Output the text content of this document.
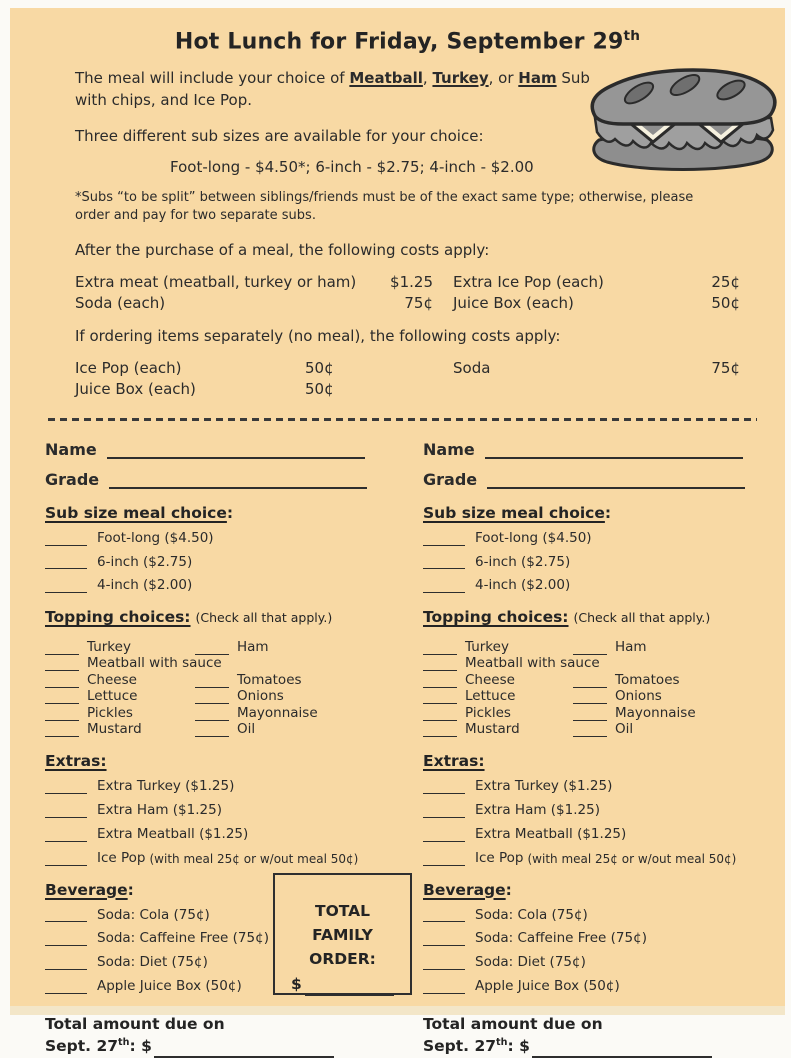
Hot Lunch for Friday, September 29th
The meal will include your choice of Meatball, Turkey, or Ham Sub
with chips, and Ice Pop.
Three different sub sizes are available for your choice:
Foot-long - $4.50*; 6-inch - $2.75; 4-inch - $2.00
*Subs “to be split” between siblings/friends must be of the exact same type; otherwise, please order and pay for two separate subs.
After the purchase of a meal, the following costs apply:
Extra meat (meatball, turkey or ham) $1.25 Extra Ice Pop (each)	25¢
Soda (each)	75¢ Juice Box (each)	50¢
If ordering items separately (no meal), the following costs apply:
Ice Pop (each)	50¢	Soda	75¢
Juice Box (each)	50¢
Name
Grade
Sub size meal choice:
Foot-long ($4.50)
6-inch ($2.75)
4-inch ($2.00)
Topping choices: (Check all that apply.)
Turkey	Ham
Meatball with sauce
Cheese	Tomatoes
Lettuce	Onions
Pickles	Mayonnaise
Mustard	Oil
Extras:
Extra Turkey ($1.25)
Extra Ham ($1.25)
Extra Meatball ($1.25)
Ice Pop (with meal 25¢ or w/out meal 50¢)
Beverage:
Soda: Cola (75¢)
Soda: Caffeine Free (75¢)
Soda: Diet (75¢)
Apple Juice Box (50¢)
Total amount due on
Sept. 27th: $
Name
Grade
Sub size meal choice:
Foot-long ($4.50)
6-inch ($2.75)
4-inch ($2.00)
Topping choices: (Check all that apply.)
Turkey	Ham
Meatball with sauce
Cheese	Tomatoes
Lettuce	Onions
Pickles	Mayonnaise
Mustard	Oil
Extras:
Extra Turkey ($1.25)
Extra Ham ($1.25)
Extra Meatball ($1.25)
Ice Pop (with meal 25¢ or w/out meal 50¢)
Beverage:
Soda: Cola (75¢)
Soda: Caffeine Free (75¢)
Soda: Diet (75¢)
Apple Juice Box (50¢)
Total amount due on
Sept. 27th: $
TOTAL
FAMILY
ORDER:
$
